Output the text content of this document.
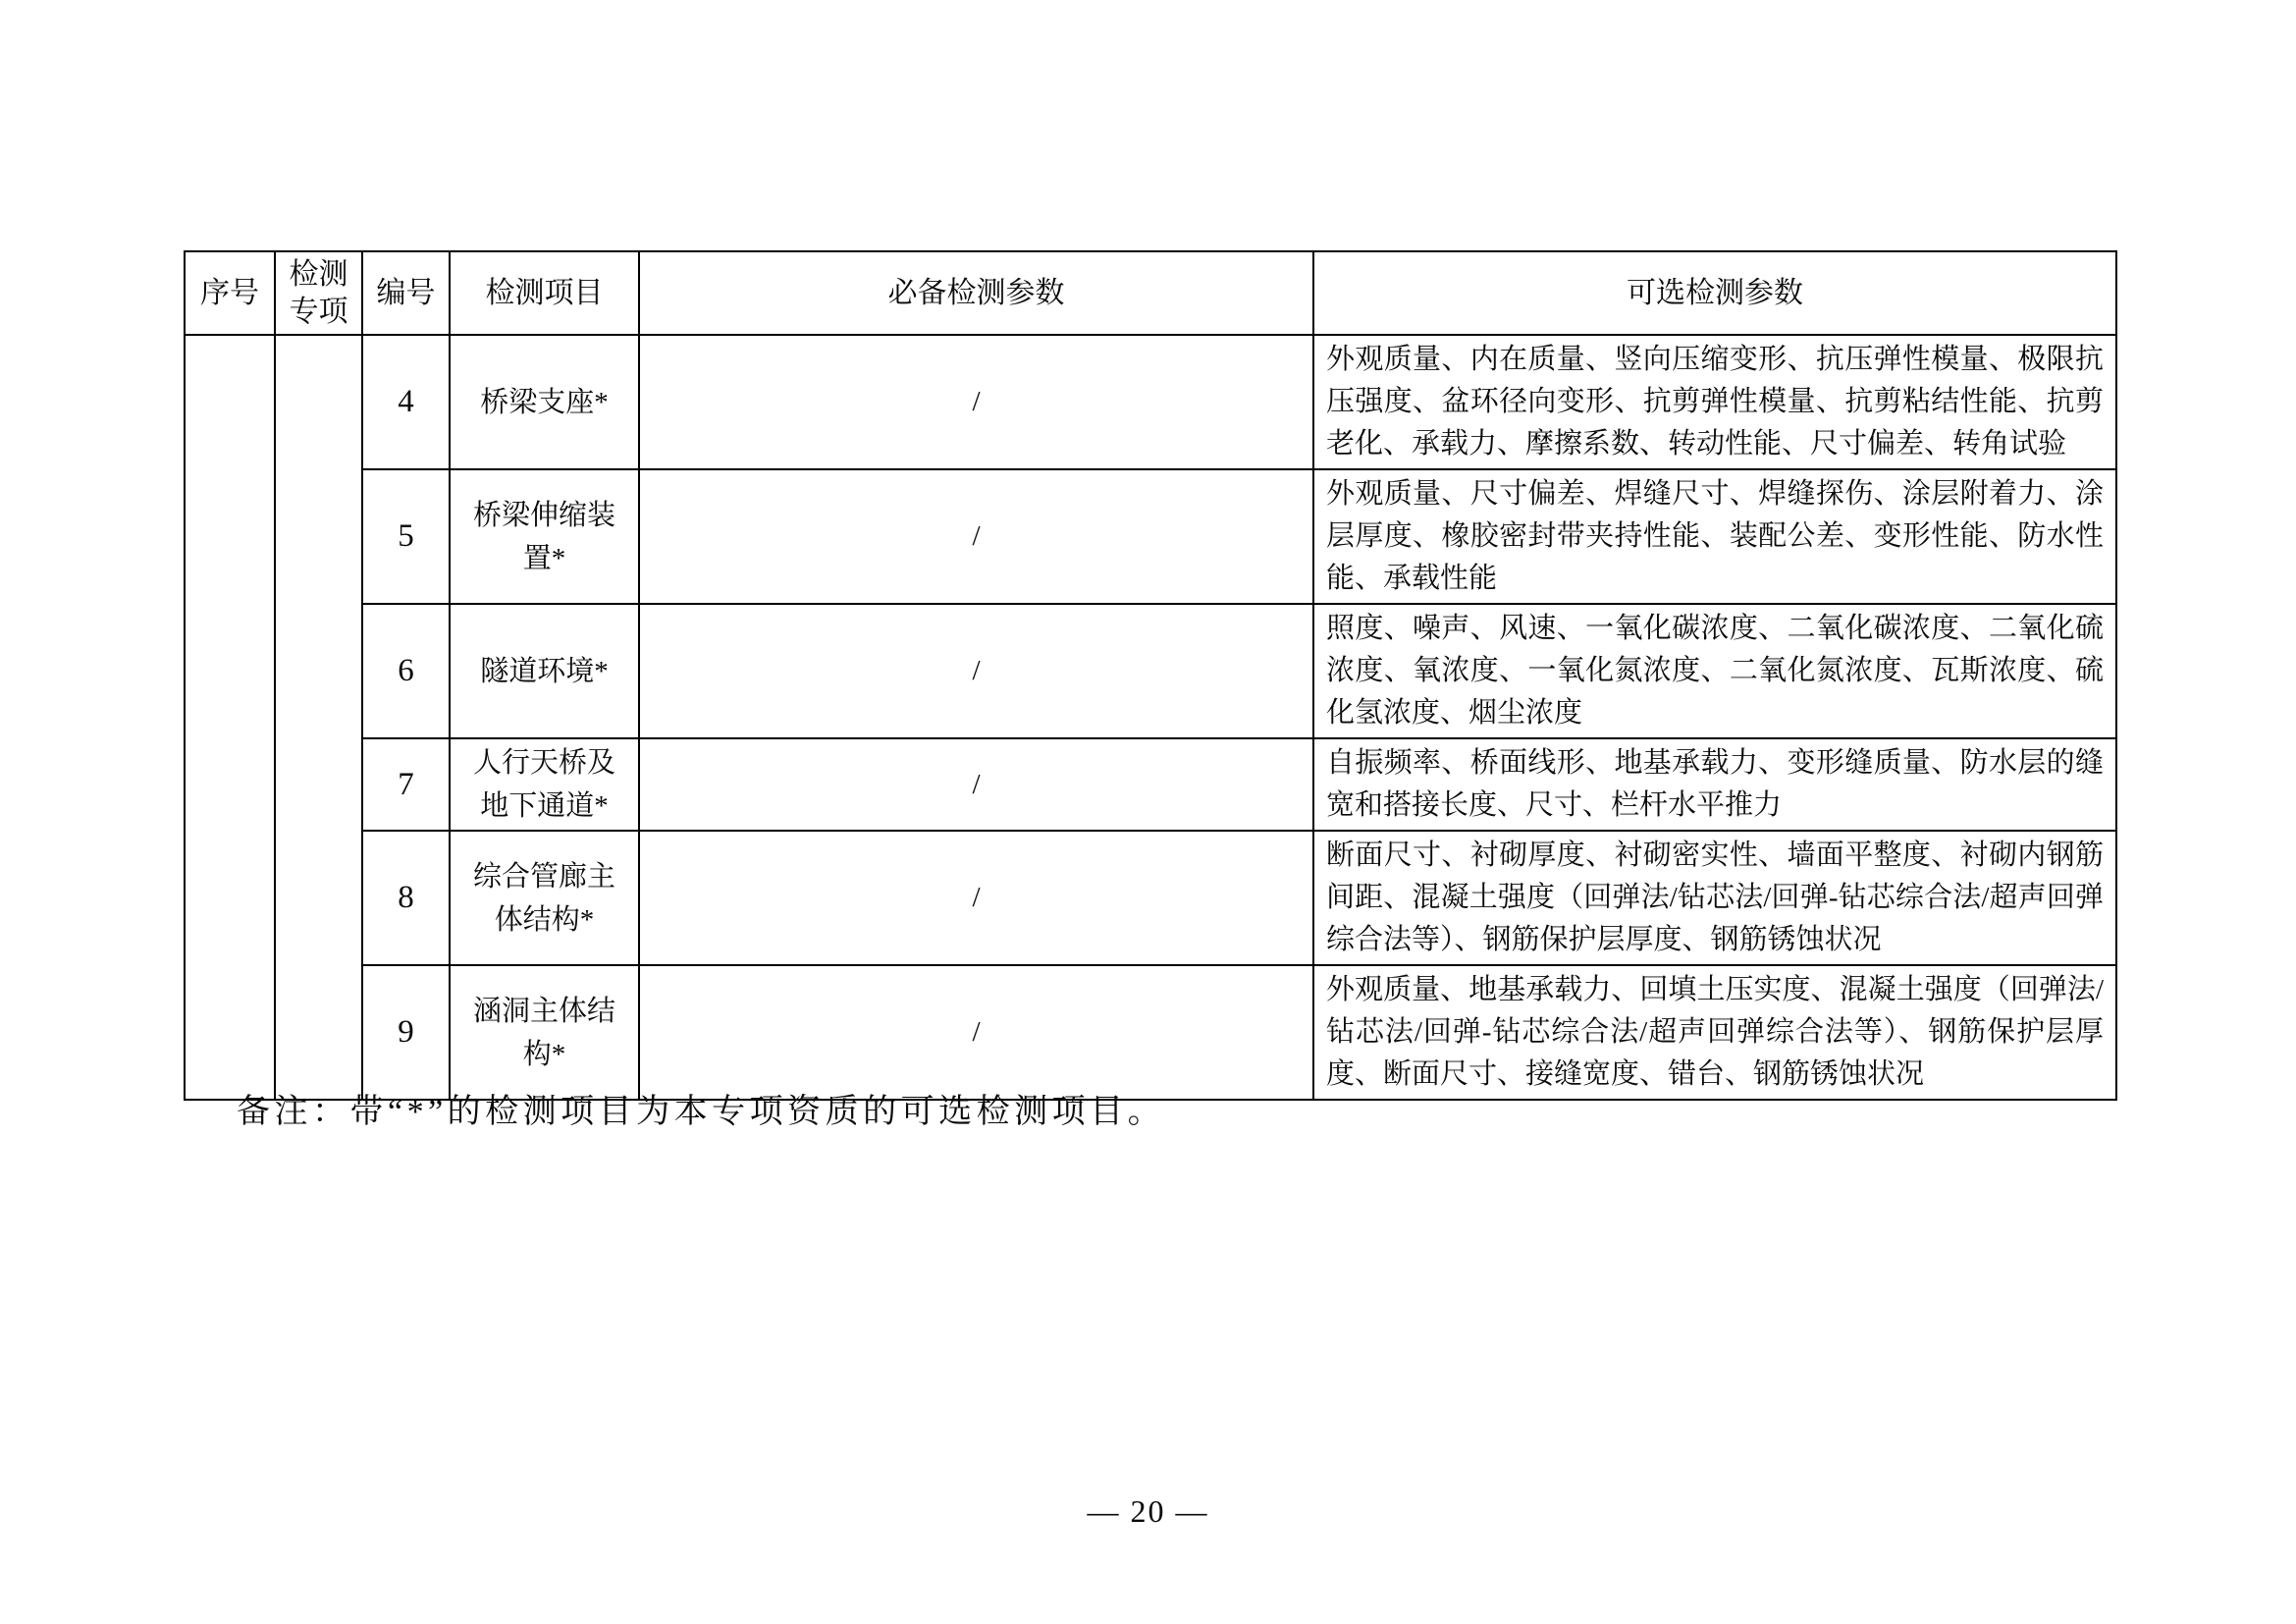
序号	检测专项	编号	检测项目	必备检测参数	可选检测参数
		4	桥梁支座*	/	外观质量、内在质量、竖向压缩变形、抗压弹性模量、极限抗压强度、盆环径向变形、抗剪弹性模量、抗剪粘结性能、抗剪老化、承载力、摩擦系数、转动性能、尺寸偏差、转角试验
		5	桥梁伸缩装置*	/	外观质量、尺寸偏差、焊缝尺寸、焊缝探伤、涂层附着力、涂层厚度、橡胶密封带夹持性能、装配公差、变形性能、防水性能、承载性能
		6	隧道环境*	/	照度、噪声、风速、一氧化碳浓度、二氧化碳浓度、二氧化硫浓度、氧浓度、一氧化氮浓度、二氧化氮浓度、瓦斯浓度、硫化氢浓度、烟尘浓度
		7	人行天桥及地下通道*	/	自振频率、桥面线形、地基承载力、变形缝质量、防水层的缝宽和搭接长度、尺寸、栏杆水平推力
		8	综合管廊主体结构*	/	断面尺寸、衬砌厚度、衬砌密实性、墙面平整度、衬砌内钢筋间距、混凝土强度（回弹法/钻芯法/回弹-钻芯综合法/超声回弹综合法等）、钢筋保护层厚度、钢筋锈蚀状况
		9	涵洞主体结构*	/	外观质量、地基承载力、回填土压实度、混凝土强度（回弹法/钻芯法/回弹-钻芯综合法/超声回弹综合法等）、钢筋保护层厚度、断面尺寸、接缝宽度、错台、钢筋锈蚀状况
备注：带“*”的检测项目为本专项资质的可选检测项目。
— 20 —
